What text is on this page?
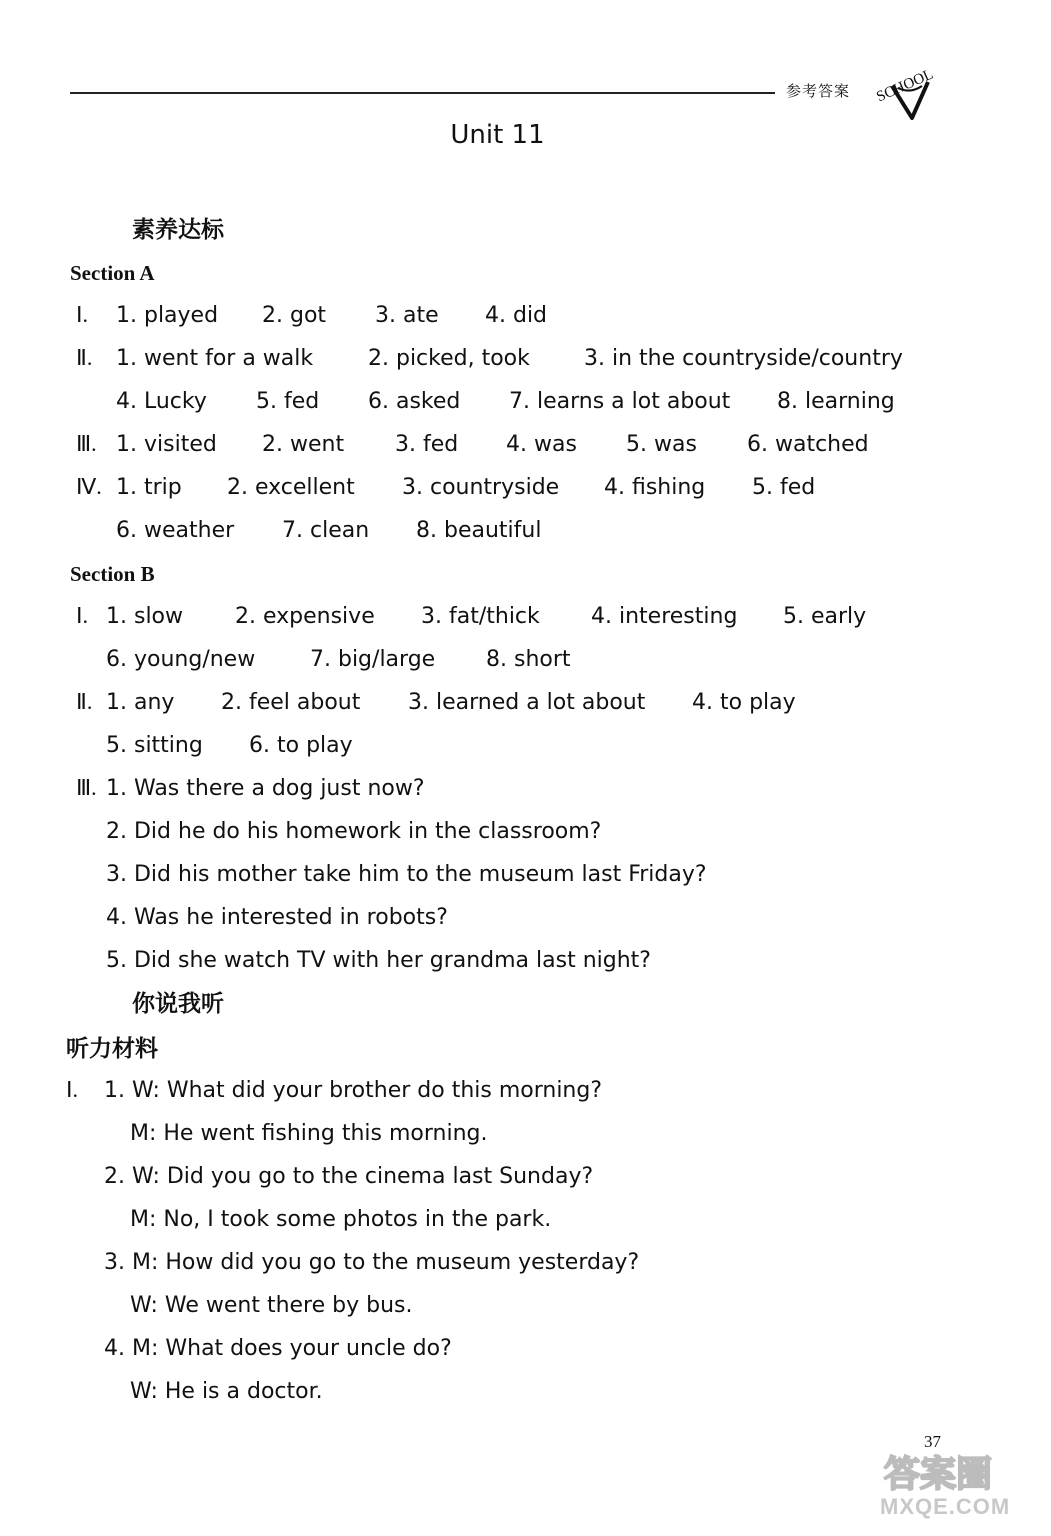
参考答案 SCHOOL
Unit 11
素养达标
Section A
Ⅰ. 1. played 2. got 3. ate 4. did
Ⅱ. 1. went for a walk 2. picked, took 3. in the countryside/country
4. Lucky 5. fed 6. asked 7. learns a lot about 8. learning
Ⅲ. 1. visited 2. went 3. fed 4. was 5. was 6. watched
Ⅳ. 1. trip 2. excellent 3. countryside 4. fishing 5. fed
6. weather 7. clean 8. beautiful
Section B
Ⅰ. 1. slow 2. expensive 3. fat/thick 4. interesting 5. early
6. young/new 7. big/large 8. short
Ⅱ. 1. any 2. feel about 3. learned a lot about 4. to play
5. sitting 6. to play
Ⅲ. 1. Was there a dog just now?
2. Did he do his homework in the classroom?
3. Did his mother take him to the museum last Friday?
4. Was he interested in robots?
5. Did she watch TV with her grandma last night?
你说我听
听力材料
Ⅰ. 1. W: What did your brother do this morning?
M: He went fishing this morning.
2. W: Did you go to the cinema last Sunday?
M: No, I took some photos in the park.
3. M: How did you go to the museum yesterday?
W: We went there by bus.
4. M: What does your uncle do?
W: He is a doctor.
37
答案圈
MXQE.COM
